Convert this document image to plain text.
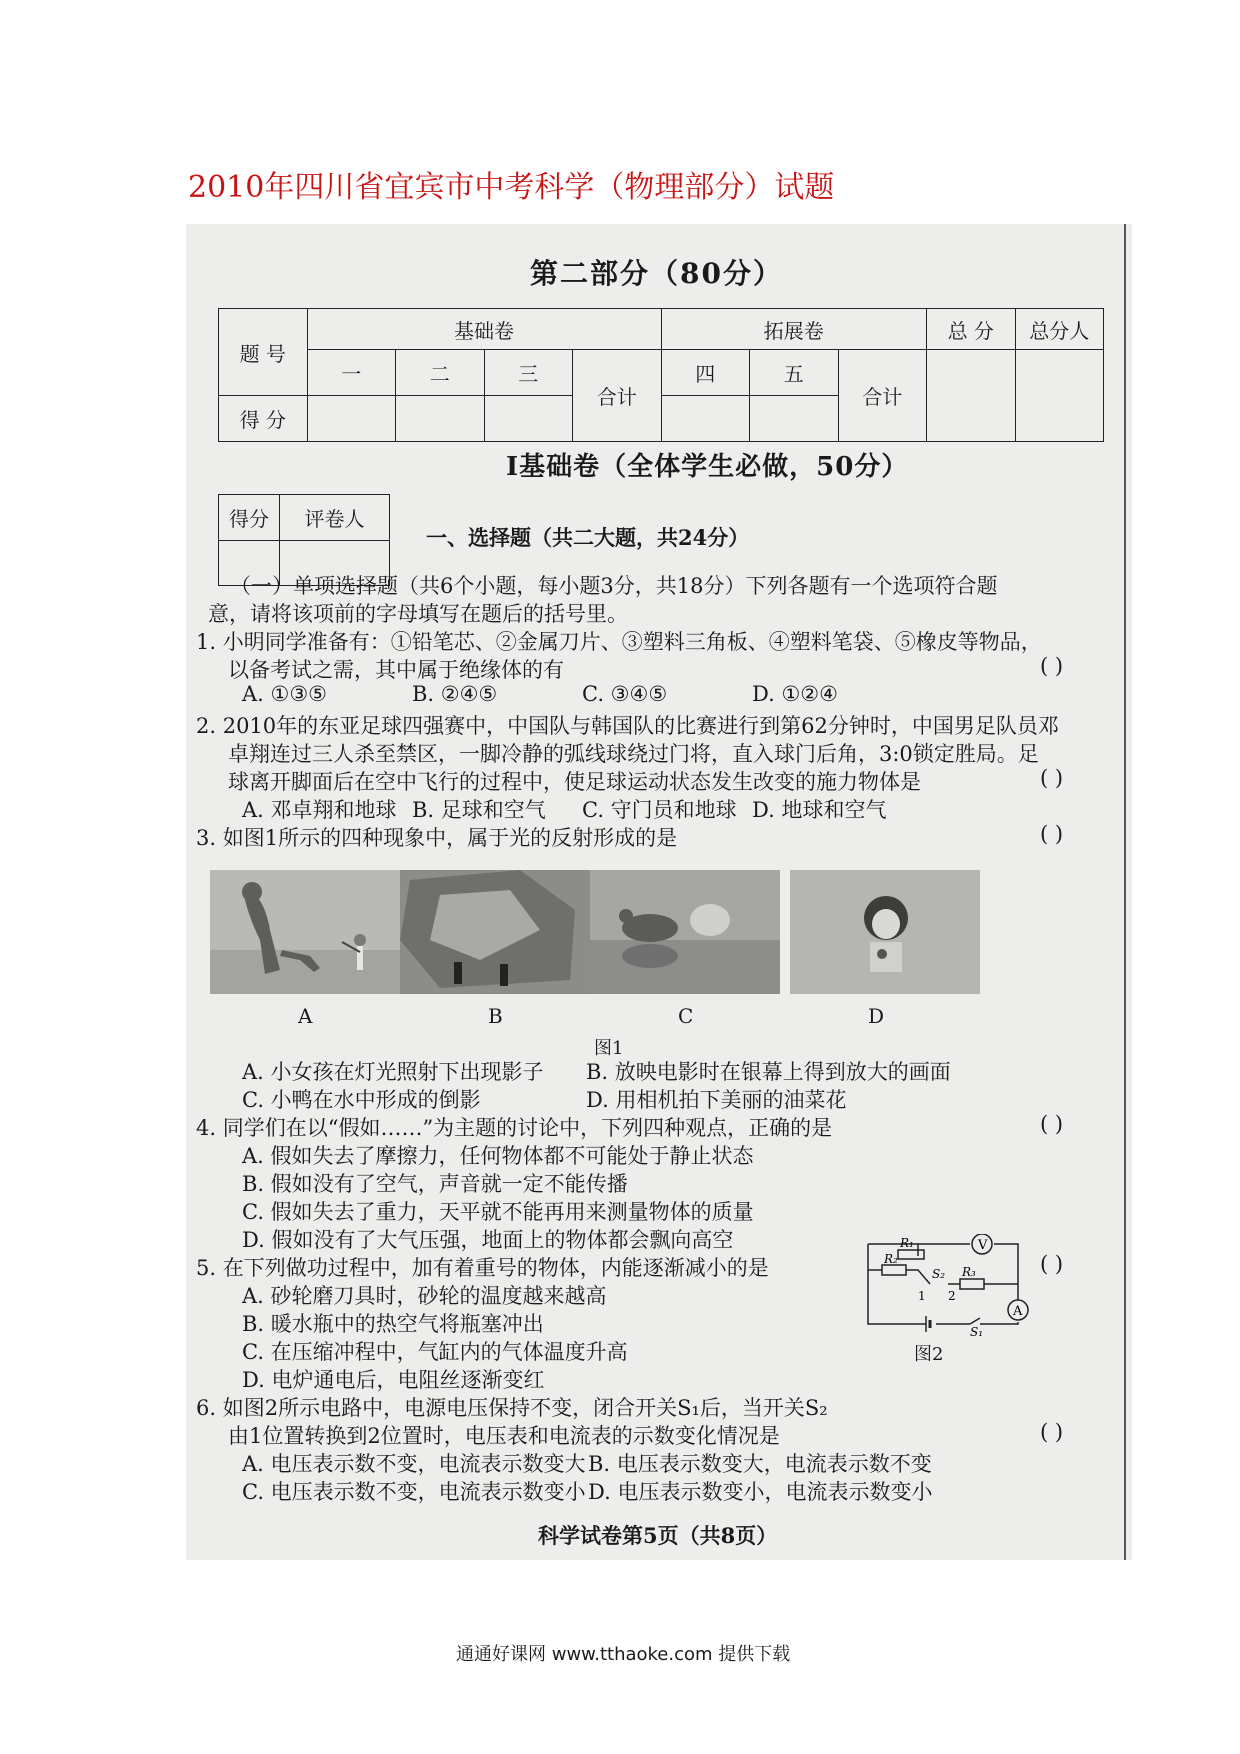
2010年四川省宜宾市中考科学（物理部分）试题
第二部分（80分）
题 号	基础卷				拓展卷			总 分	总分人
	一	二	三	合计	四	五	合计		
得 分									
Ⅰ基础卷（全体学生必做，50分）
得分	评卷人

一、选择题（共二大题，共24分）
（一）单项选择题（共6个小题，每小题3分，共18分）下列各题有一个选项符合题
意，请将该项前的字母填写在题后的括号里。
1. 小明同学准备有：①铅笔芯、②金属刀片、③塑料三角板、④塑料笔袋、⑤橡皮等物品，
以备考试之需，其中属于绝缘体的有	( )
A. ①③⑤	B. ②④⑤	C. ③④⑤	D. ①②④
2. 2010年的东亚足球四强赛中，中国队与韩国队的比赛进行到第62分钟时，中国男足队员邓
卓翔连过三人杀至禁区，一脚冷静的弧线球绕过门将，直入球门后角，3:0锁定胜局。足
球离开脚面后在空中飞行的过程中，使足球运动状态发生改变的施力物体是	( )
A. 邓卓翔和地球 B. 足球和空气 C. 守门员和地球 D. 地球和空气
3. 如图1所示的四种现象中，属于光的反射形成的是	( )
A	B	C	D
图1
A. 小女孩在灯光照射下出现影子 B. 放映电影时在银幕上得到放大的画面
C. 小鸭在水中形成的倒影	D. 用相机拍下美丽的油菜花
4. 同学们在以“假如……”为主题的讨论中，下列四种观点，正确的是	( )
A. 假如失去了摩擦力，任何物体都不可能处于静止状态
B. 假如没有了空气，声音就一定不能传播
C. 假如失去了重力，天平就不能再用来测量物体的质量
D. 假如没有了大气压强，地面上的物体都会飘向高空
5. 在下列做功过程中，加有着重号的物体，内能逐渐减小的是	( )
A. 砂轮磨刀具时，砂轮的温度越来越高
B. 暖水瓶中的热空气将瓶塞冲出
C. 在压缩冲程中，气缸内的气体温度升高
D. 电炉通电后，电阻丝逐渐变红
V
A
R₁
R₂
R₃
S₂
S₁
1 2
图2
6. 如图2所示电路中，电源电压保持不变，闭合开关S₁后，当开关S₂
由1位置转换到2位置时，电压表和电流表的示数变化情况是	( )
A. 电压表示数不变，电流表示数变大 B. 电压表示数变大，电流表示数不变
C. 电压表示数不变，电流表示数变小 D. 电压表示数变小，电流表示数变小
科学试卷第5页（共8页）
通通好课网 www.tthaoke.com 提供下载
